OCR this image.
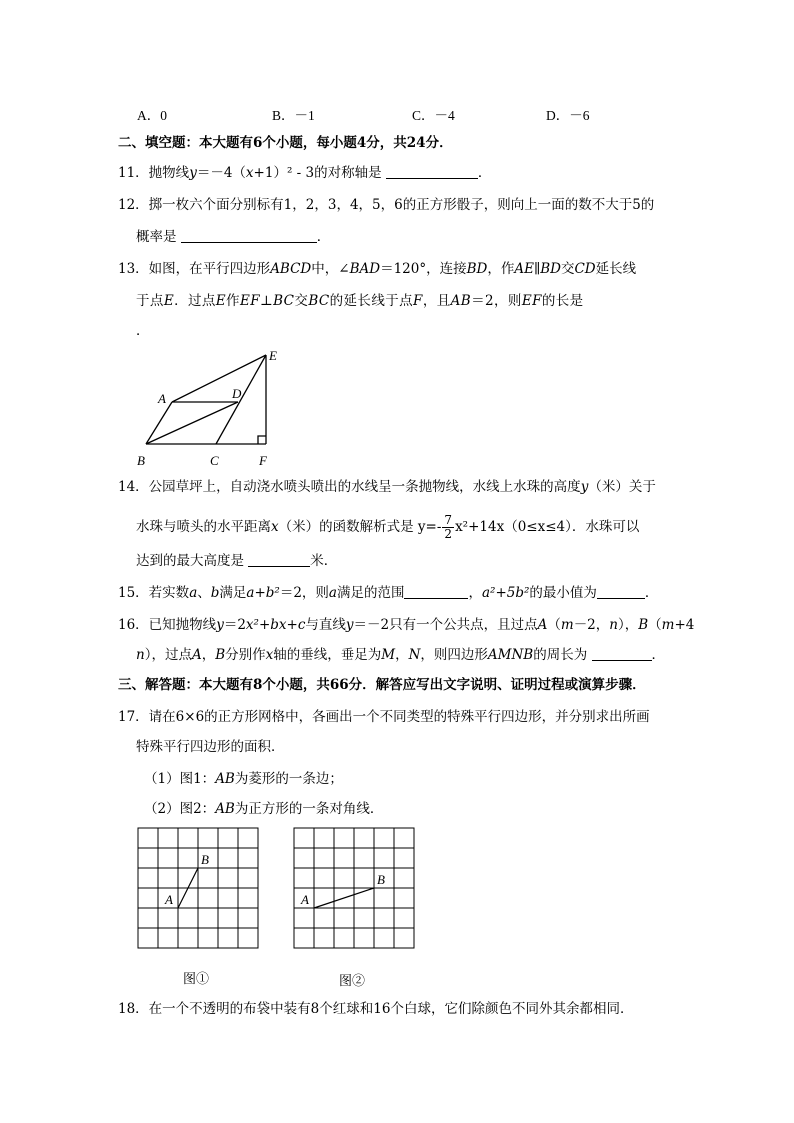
A．0	B．－1	C．－4	D．－6
二、填空题：本大题有6个小题，每小题4分，共24分．
11．抛物线y＝－4（x+1）² - 3的对称轴是	．
12．掷一枚六个面分别标有1，2，3，4，5，6的正方形骰子，则向上一面的数不大于5的
概率是	．
13．如图，在平行四边形ABCD中，∠BAD＝120°，连接BD，作AE∥BD交CD延长线
于点E．过点E作EF⊥BC交BC的延长线于点F，且AB＝2，则EF的长是
．
A
B	C
D
E
F
14．公园草坪上，自动浇水喷头喷出的水线呈一条抛物线，水线上水珠的高度y（米）关于
水珠与喷头的水平距离x（米）的函数解析式是 $y=- \frac{7}{2} x^2+14x(0\le x\le 4)$．水珠可以
达到的最大高度是	米．
15．若实数a、b满足a+b²＝2，则a满足的范围	，a²+5b²的最小值为	．
16．已知抛物线y＝2x²+bx+c与直线y＝－2只有一个公共点，且过点A（m－2，n），B（m+4
n），过点A，B分别作x轴的垂线，垂足为M，N，则四边形AMNB的周长为	．
三、解答题：本大题有8个小题，共66分．解答应写出文字说明、证明过程或演算步骤．
17．请在6×6的正方形网格中，各画出一个不同类型的特殊平行四边形，并分别求出所画
特殊平行四边形的面积．
（1）图1：AB为菱形的一条边；
（2）图2：AB为正方形的一条对角线．
A
B
图①
A
B
图②
18．在一个不透明的布袋中装有8个红球和16个白球，它们除颜色不同外其余都相同．
